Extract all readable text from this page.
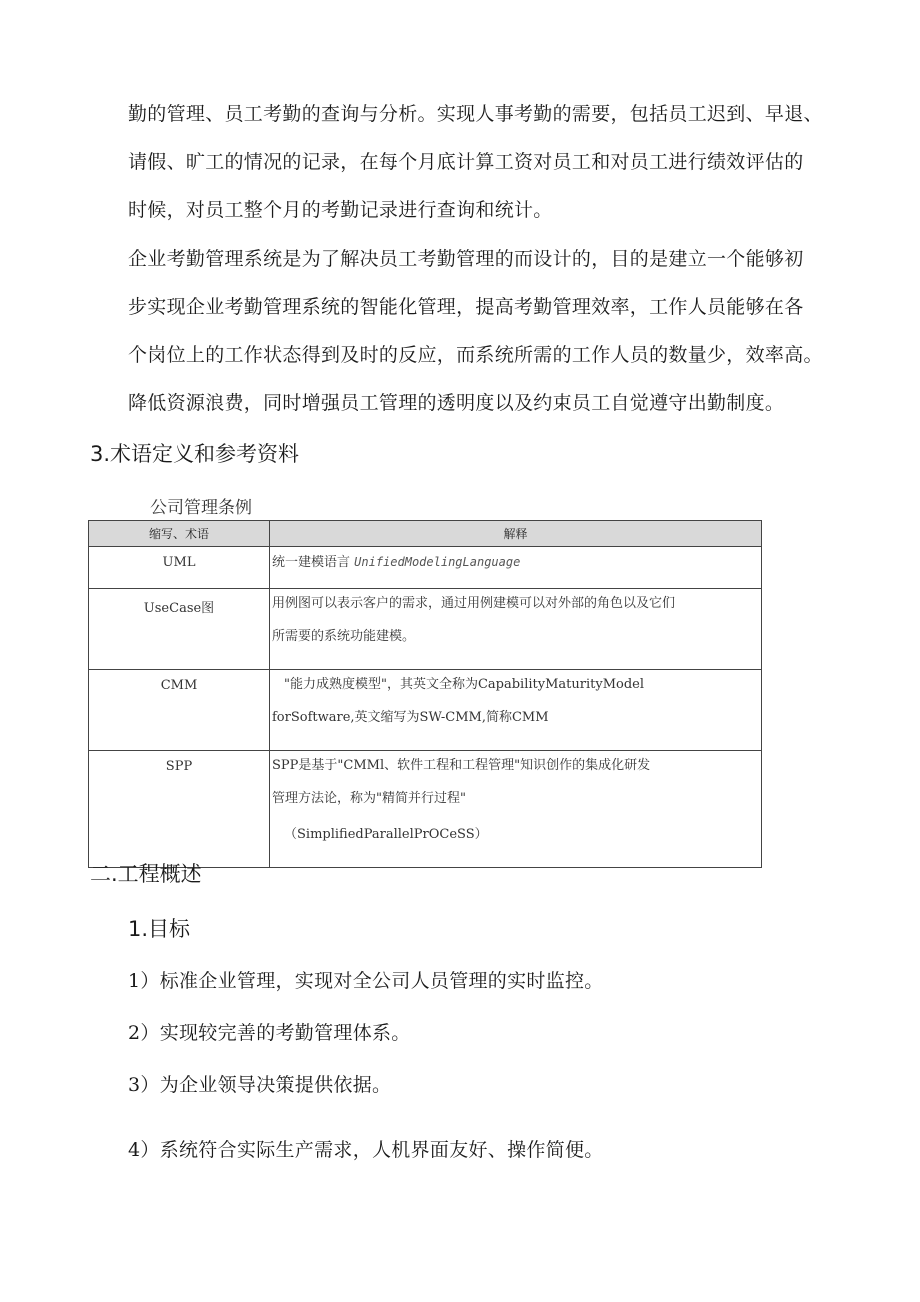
勤的管理、员工考勤的查询与分析。实现人事考勤的需要，包括员工迟到、早退、
请假、旷工的情况的记录，在每个月底计算工资对员工和对员工进行绩效评估的
时候，对员工整个月的考勤记录进行查询和统计。
企业考勤管理系统是为了解决员工考勤管理的而设计的，目的是建立一个能够初
步实现企业考勤管理系统的智能化管理，提高考勤管理效率，工作人员能够在各
个岗位上的工作状态得到及时的反应，而系统所需的工作人员的数量少，效率高。
降低资源浪费，同时增强员工管理的透明度以及约束员工自觉遵守出勤制度。
3.术语定义和参考资料
公司管理条例
缩写、术语	解释
UML	统一建模语言 UnifiedModelingLanguage

UseCase图	用例图可以表示客户的需求，通过用例建模可以对外部的角色以及它们
所需要的系统功能建模。

CMM	"能力成熟度模型"，其英文全称为CapabilityMaturityModel
forSoftware,英文缩写为SW-CMM,简称CMM

SPP	SPP是基于"CMMl、软件工程和工程管理"知识创作的集成化研发
管理方法论，称为"精简并行过程"
（SimplifiedParallelPrOCeSS）
二.工程概述
1.目标

1）标准企业管理，实现对全公司人员管理的实时监控。

2）实现较完善的考勤管理体系。

3）为企业领导决策提供依据。

4）系统符合实际生产需求，人机界面友好、操作简便。
